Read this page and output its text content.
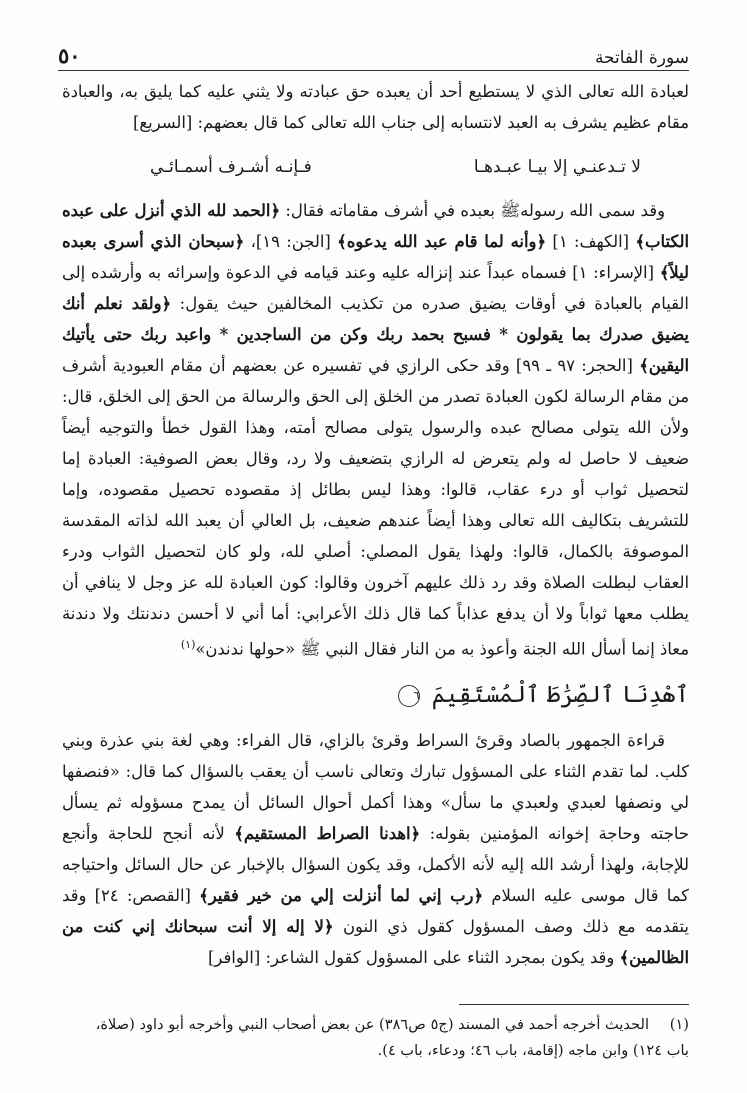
سورة الفاتحة
٥٠

لعبادة الله تعالى الذي لا يستطيع أحد أن يعبده حق عبادته ولا يثني عليه كما يليق به، والعبادة مقام عظيم يشرف به العبد لانتسابه إلى جناب الله تعالى كما قال بعضهم: [السريع]

لا تـدعنـي إلا بيـا عبـدهـا
فـإنـه أشـرف أسمـائـي

وقد سمى الله رسولهﷺ بعبده في أشرف مقاماته فقال: ﴿الحمد لله الذي أنزل على عبده الكتاب﴾ [الكهف: ١] ﴿وأنه لما قام عبد الله يدعوه﴾ [الجن: ١٩]، ﴿سبحان الذي أسرى بعبده ليلاً﴾ [الإسراء: ١] فسماه عبداً عند إنزاله عليه وعند قيامه في الدعوة وإسرائه به وأرشده إلى القيام بالعبادة في أوقات يضيق صدره من تكذيب المخالفين حيث يقول: ﴿ولقد نعلم أنك يضيق صدرك بما يقولون * فسبح بحمد ربك وكن من الساجدين * واعبد ربك حتى يأتيك اليقين﴾ [الحجر: ٩٧ ـ ٩٩] وقد حكى الرازي في تفسيره عن بعضهم أن مقام العبودية أشرف من مقام الرسالة لكون العبادة تصدر من الخلق إلى الحق والرسالة من الحق إلى الخلق، قال: ولأن الله يتولى مصالح عبده والرسول يتولى مصالح أمته، وهذا القول خطأ والتوجيه أيضاً ضعيف لا حاصل له ولم يتعرض له الرازي بتضعيف ولا رد، وقال بعض الصوفية: العبادة إما لتحصيل ثواب أو درء عقاب، قالوا: وهذا ليس بطائل إذ مقصوده تحصيل مقصوده، وإما للتشريف بتكاليف الله تعالى وهذا أيضاً عندهم ضعيف، بل العالي أن يعبد الله لذاته المقدسة الموصوفة بالكمال، قالوا: ولهذا يقول المصلي: أصلي لله، ولو كان لتحصيل الثواب ودرء العقاب لبطلت الصلاة وقد رد ذلك عليهم آخرون وقالوا: كون العبادة لله عز وجل لا ينافي أن يطلب معها ثواباً ولا أن يدفع عذاباً كما قال ذلك الأعرابي: أما أني لا أحسن دندنتك ولا دندنة معاذ إنما أسأل الله الجنة وأعوذ به من النار فقال النبي ﷺ «حولها ندندن»$^{(١)}$

ٱهْدِنَا ٱلصِّرَٰطَ ٱلْمُسْتَقِيمَ ٦

قراءة الجمهور بالصاد وقرئ السراط وقرئ بالزاي، قال الفراء: وهي لغة بني عذرة وبني كلب. لما تقدم الثناء على المسؤول تبارك وتعالى ناسب أن يعقب بالسؤال كما قال: «فنصفها لي ونصفها لعبدي ولعبدي ما سأل» وهذا أكمل أحوال السائل أن يمدح مسؤوله ثم يسأل حاجته وحاجة إخوانه المؤمنين بقوله: ﴿اهدنا الصراط المستقيم﴾ لأنه أنجح للحاجة وأنجع للإجابة، ولهذا أرشد الله إليه لأنه الأكمل، وقد يكون السؤال بالإخبار عن حال السائل واحتياجه كما قال موسى عليه السلام ﴿رب إني لما أنزلت إلي من خير فقير﴾ [القصص: ٢٤] وقد يتقدمه مع ذلك وصف المسؤول كقول ذي النون ﴿لا إله إلا أنت سبحانك إني كنت من الظالمين﴾ وقد يكون بمجرد الثناء على المسؤول كقول الشاعر: [الوافر]

(١)الحديث أخرجه أحمد في المسند (ج٥ ص٣٨٦) عن بعض أصحاب النبي وأخرجه أبو داود (صلاة،
باب ١٢٤) وابن ماجه (إقامة، باب ٤٦؛ ودعاء، باب ٤).
